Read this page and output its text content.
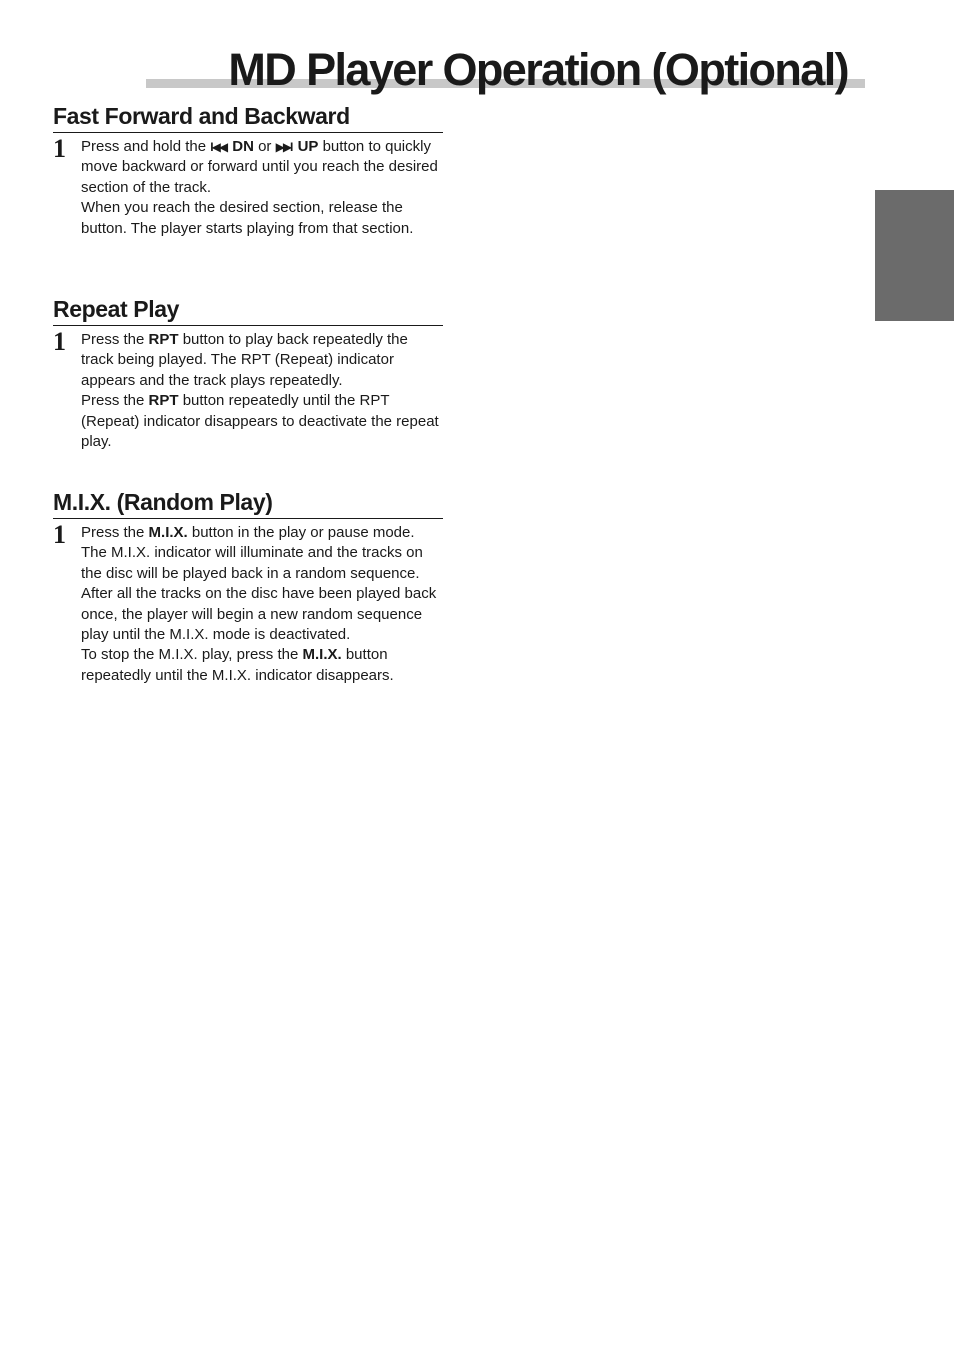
MD Player Operation (Optional)
Fast Forward and Backward
1 Press and hold the I◀◀ DN or ▶▶I UP button to quickly move backward or forward until you reach the desired section of the track.

When you reach the desired section, release the button. The player starts playing from that section.

Repeat Play
1 Press the RPT button to play back repeatedly the track being played. The RPT (Repeat) indicator appears and the track plays repeatedly.

Press the RPT button repeatedly until the RPT (Repeat) indicator disappears to deactivate the repeat play.

M.I.X. (Random Play)
1 Press the M.I.X. button in the play or pause mode. The M.I.X. indicator will illuminate and the tracks on the disc will be played back in a random sequence. After all the tracks on the disc have been played back once, the player will begin a new random sequence play until the M.I.X. mode is deactivated.

To stop the M.I.X. play, press the M.I.X. button repeatedly until the M.I.X. indicator disappears.
